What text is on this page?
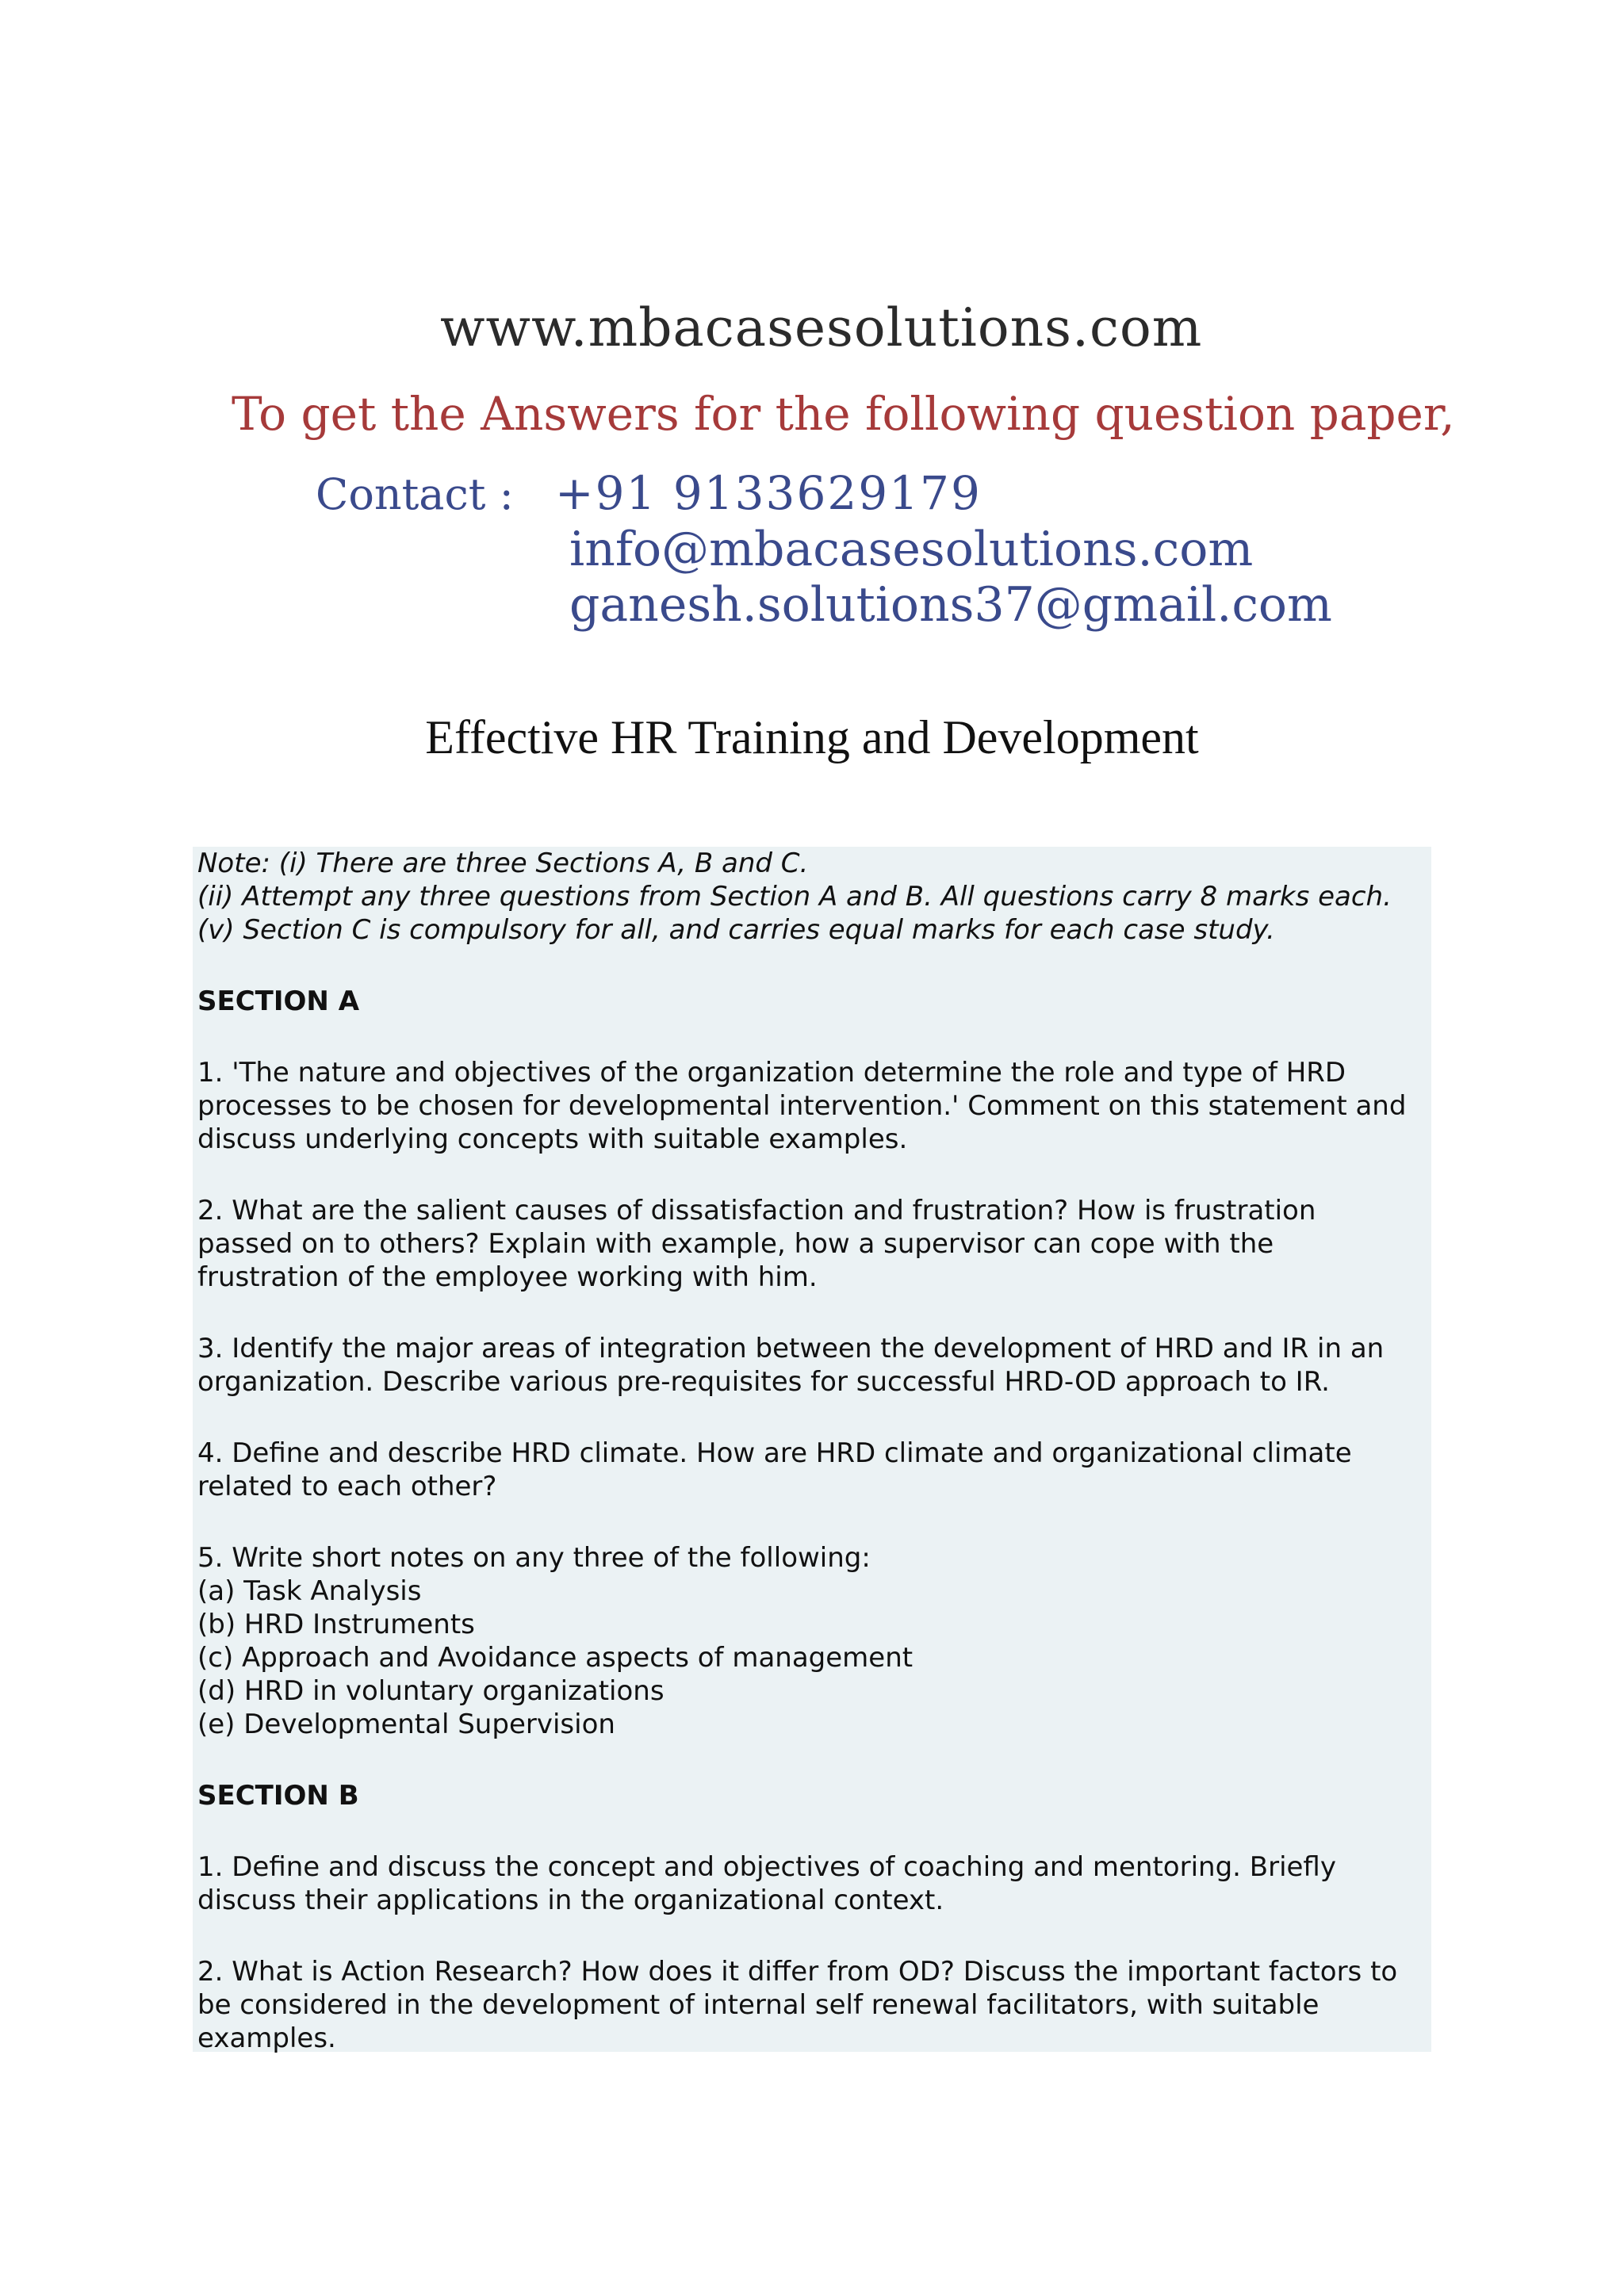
www.mbacasesolutions.com
To get the Answers for the following question paper,
Contact : +91 9133629179
info@mbacasesolutions.com
ganesh.solutions37@gmail.com
Effective HR Training and Development

Note: (i) There are three Sections A, B and C.

(ii) Attempt any three questions from Section A and B. All questions carry 8 marks each.

(v) Section C is compulsory for all, and carries equal marks for each case study.

SECTION A

1. 'The nature and objectives of the organization determine the role and type of HRD

processes to be chosen for developmental intervention.' Comment on this statement and

discuss underlying concepts with suitable examples.

2. What are the salient causes of dissatisfaction and frustration? How is frustration

passed on to others? Explain with example, how a supervisor can cope with the

frustration of the employee working with him.

3. Identify the major areas of integration between the development of HRD and IR in an

organization. Describe various pre-requisites for successful HRD-OD approach to IR.

4. Define and describe HRD climate. How are HRD climate and organizational climate

related to each other?

5. Write short notes on any three of the following:

(a) Task Analysis

(b) HRD Instruments

(c) Approach and Avoidance aspects of management

(d) HRD in voluntary organizations

(e) Developmental Supervision

SECTION B

1. Define and discuss the concept and objectives of coaching and mentoring. Briefly

discuss their applications in the organizational context.

2. What is Action Research? How does it differ from OD? Discuss the important factors to

be considered in the development of internal self renewal facilitators, with suitable

examples.
